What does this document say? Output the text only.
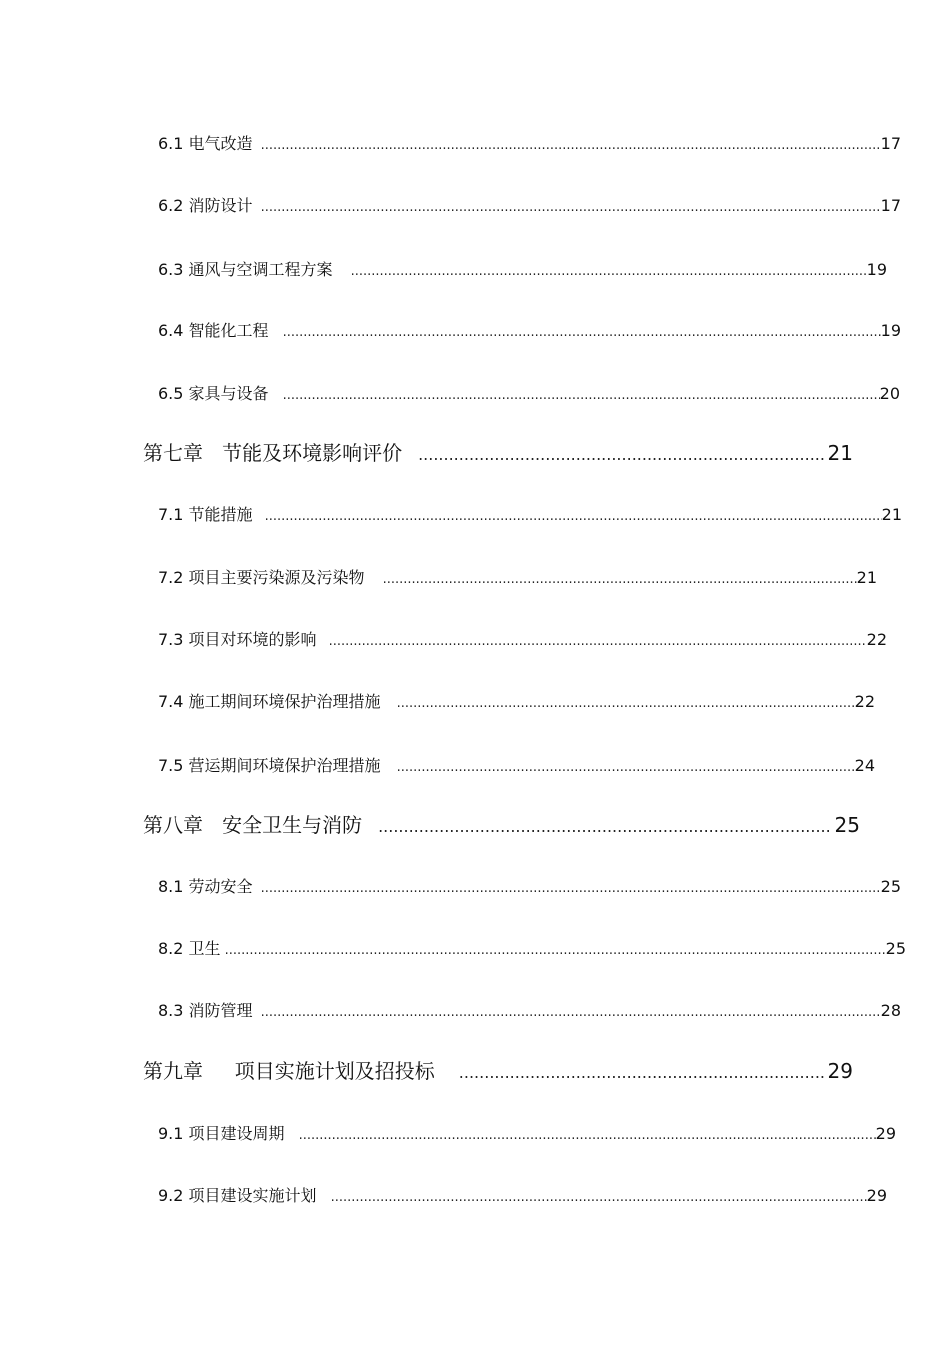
6.1 电气改造 .....	17
6.2 消防设计 .....	17
6.3 通风与空调工程方案 .....	19
6.4 智能化工程 .....	19
6.5 家具与设备 .....	20
第七章 节能及环境影响评价 .....	21
7.1 节能措施 .....	21
7.2 项目主要污染源及污染物 .....	21
7.3 项目对环境的影响 .....	22
7.4 施工期间环境保护治理措施 .....	22
7.5 营运期间环境保护治理措施 .....	24
第八章 安全卫生与消防 .....	25
8.1 劳动安全 .....	25
8.2 卫生 .....	25
8.3 消防管理 .....	28
第九章 项目实施计划及招投标 .....	29
9.1 项目建设周期 .....	29
9.2 项目建设实施计划 .....	29
